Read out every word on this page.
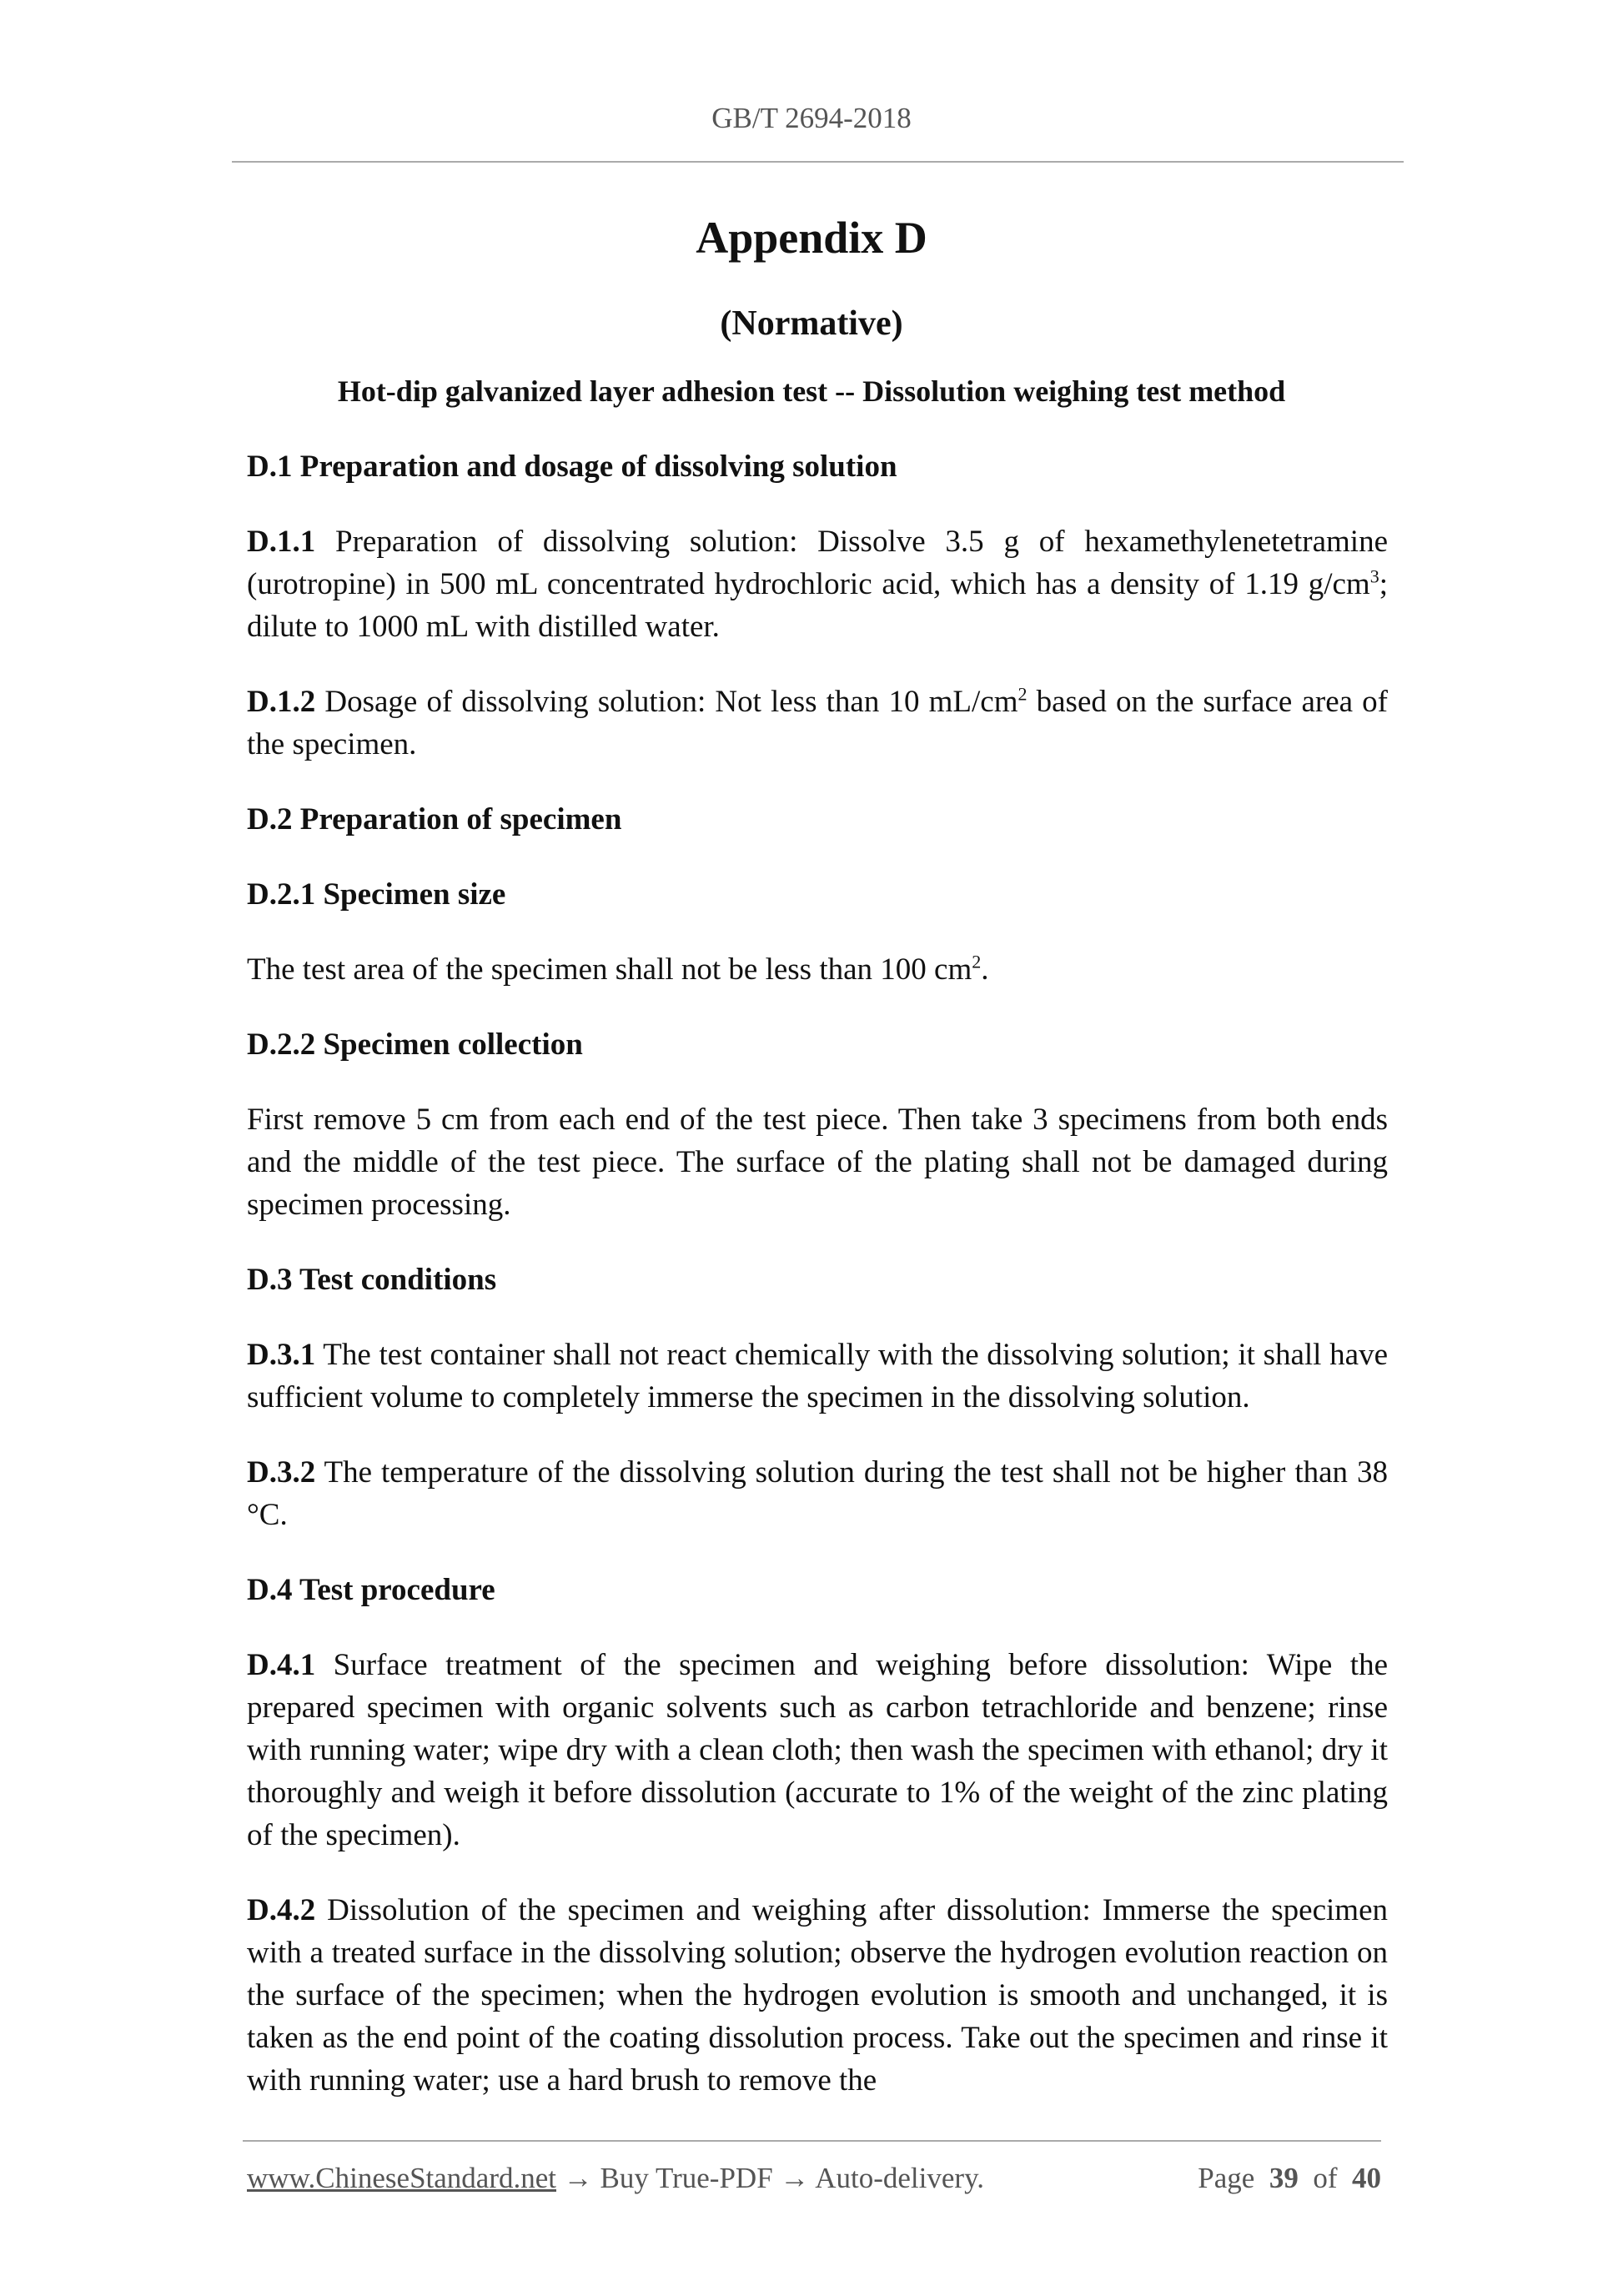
GB/T 2694-2018
Appendix D
(Normative)
Hot-dip galvanized layer adhesion test -- Dissolution weighing test method
D.1 Preparation and dosage of dissolving solution

D.1.1 Preparation of dissolving solution: Dissolve 3.5 g of hexamethylenetetramine (urotropine) in 500 mL concentrated hydrochloric acid, which has a density of 1.19 $g/cm^3$; dilute to 1000 mL with distilled water.

D.1.2 Dosage of dissolving solution: Not less than 10 $mL/cm^2$ based on the surface area of the specimen.

D.2 Preparation of specimen
D.2.1 Specimen size

The test area of the specimen shall not be less than 100 $cm^2$.

D.2.2 Specimen collection

First remove 5 cm from each end of the test piece. Then take 3 specimens from both ends and the middle of the test piece. The surface of the plating shall not be damaged during specimen processing.

D.3 Test conditions

D.3.1 The test container shall not react chemically with the dissolving solution; it shall have sufficient volume to completely immerse the specimen in the dissolving solution.

D.3.2 The temperature of the dissolving solution during the test shall not be higher than 38 °C.

D.4 Test procedure

D.4.1 Surface treatment of the specimen and weighing before dissolution: Wipe the prepared specimen with organic solvents such as carbon tetrachloride and benzene; rinse with running water; wipe dry with a clean cloth; then wash the specimen with ethanol; dry it thoroughly and weigh it before dissolution (accurate to 1% of the weight of the zinc plating of the specimen).

D.4.2 Dissolution of the specimen and weighing after dissolution: Immerse the specimen with a treated surface in the dissolving solution; observe the hydrogen evolution reaction on the surface of the specimen; when the hydrogen evolution is smooth and unchanged, it is taken as the end point of the coating dissolution process. Take out the specimen and rinse it with running water; use a hard brush to remove the

www.ChineseStandard.net → Buy True-PDF → Auto-delivery.	Page 39 of 40
